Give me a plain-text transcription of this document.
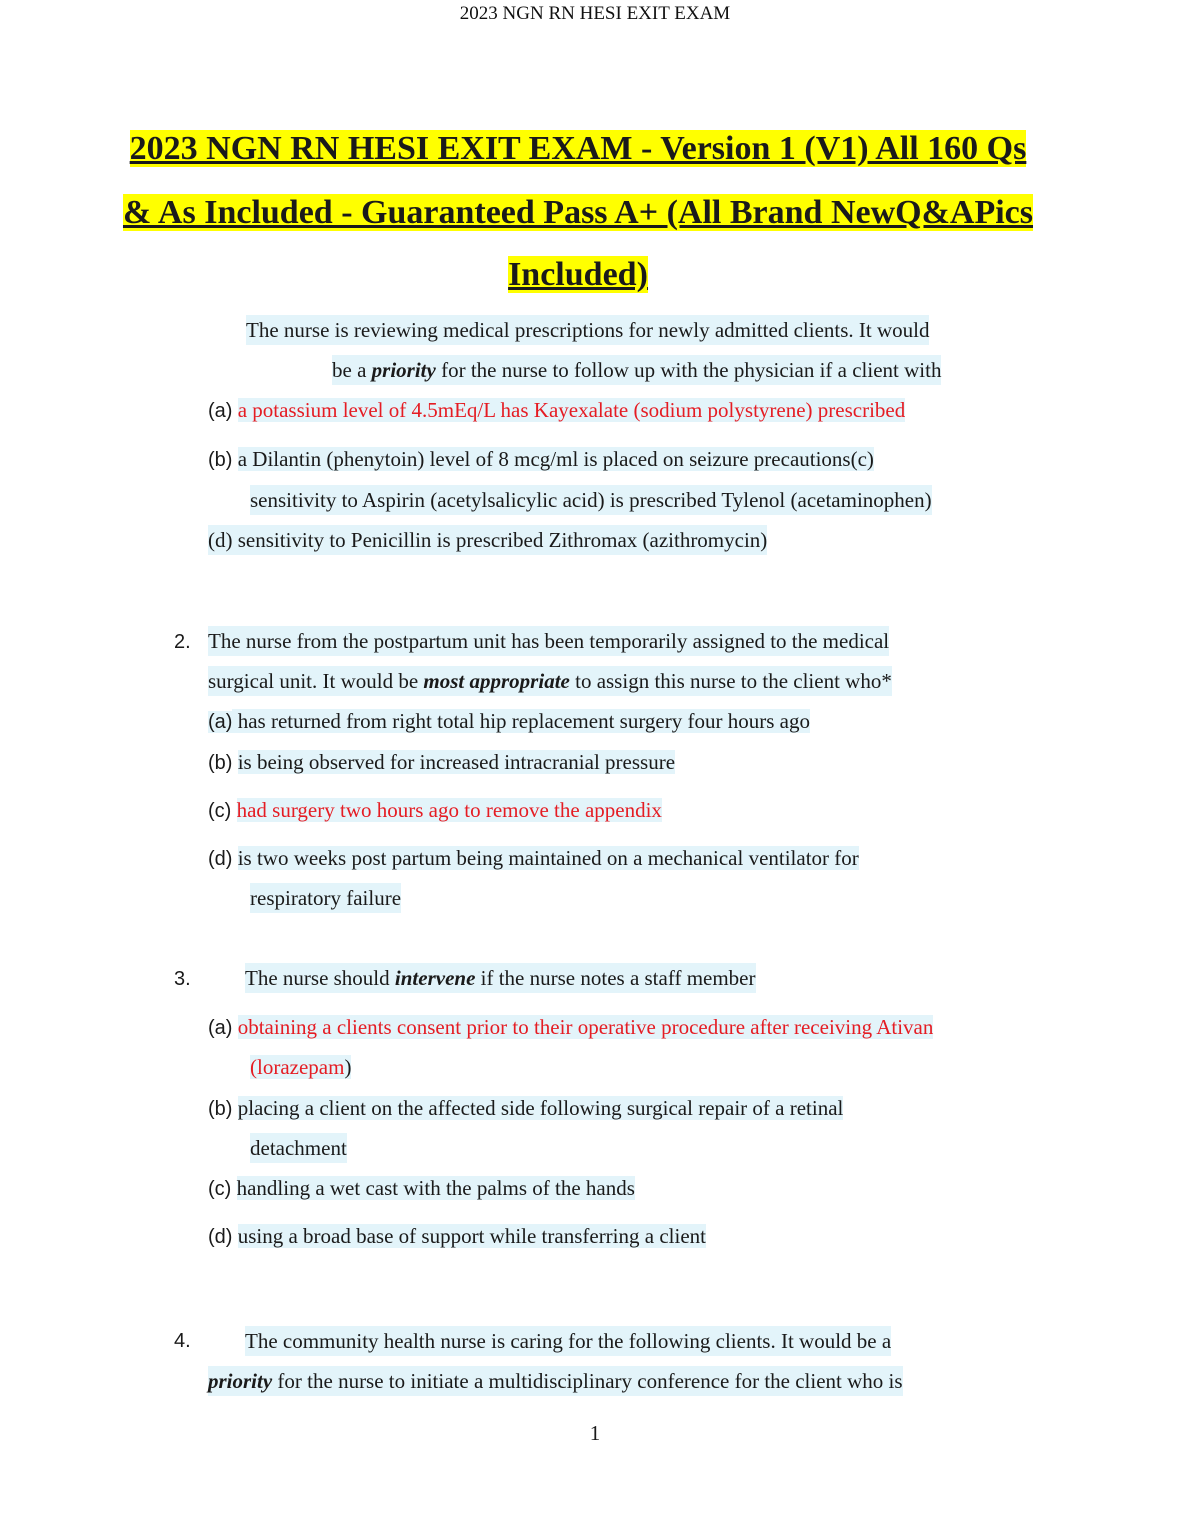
2023 NGN RN HESI EXIT EXAM
2023 NGN RN HESI EXIT EXAM - Version 1 (V1) All 160 Qs
& As Included - Guaranteed Pass A+ (All Brand NewQ&APics
Included)
The nurse is reviewing medical prescriptions for newly admitted clients. It would
be a priority for the nurse to follow up with the physician if a client with
(a) a potassium level of 4.5mEq/L has Kayexalate (sodium polystyrene) prescribed
(b) a Dilantin (phenytoin) level of 8 mcg/ml is placed on seizure precautions(c)
sensitivity to Aspirin (acetylsalicylic acid) is prescribed Tylenol (acetaminophen)
(d) sensitivity to Penicillin is prescribed Zithromax (azithromycin)
2. The nurse from the postpartum unit has been temporarily assigned to the medical
surgical unit. It would be most appropriate to assign this nurse to the client who*
(a) has returned from right total hip replacement surgery four hours ago
(b) is being observed for increased intracranial pressure
(c) had surgery two hours ago to remove the appendix
(d) is two weeks post partum being maintained on a mechanical ventilator for
respiratory failure
3.	The nurse should intervene if the nurse notes a staff member
(a) obtaining a clients consent prior to their operative procedure after receiving Ativan
(lorazepam)
(b) placing a client on the affected side following surgical repair of a retinal
detachment
(c) handling a wet cast with the palms of the hands
(d) using a broad base of support while transferring a client
4.	The community health nurse is caring for the following clients. It would be a
priority for the nurse to initiate a multidisciplinary conference for the client who is
1
